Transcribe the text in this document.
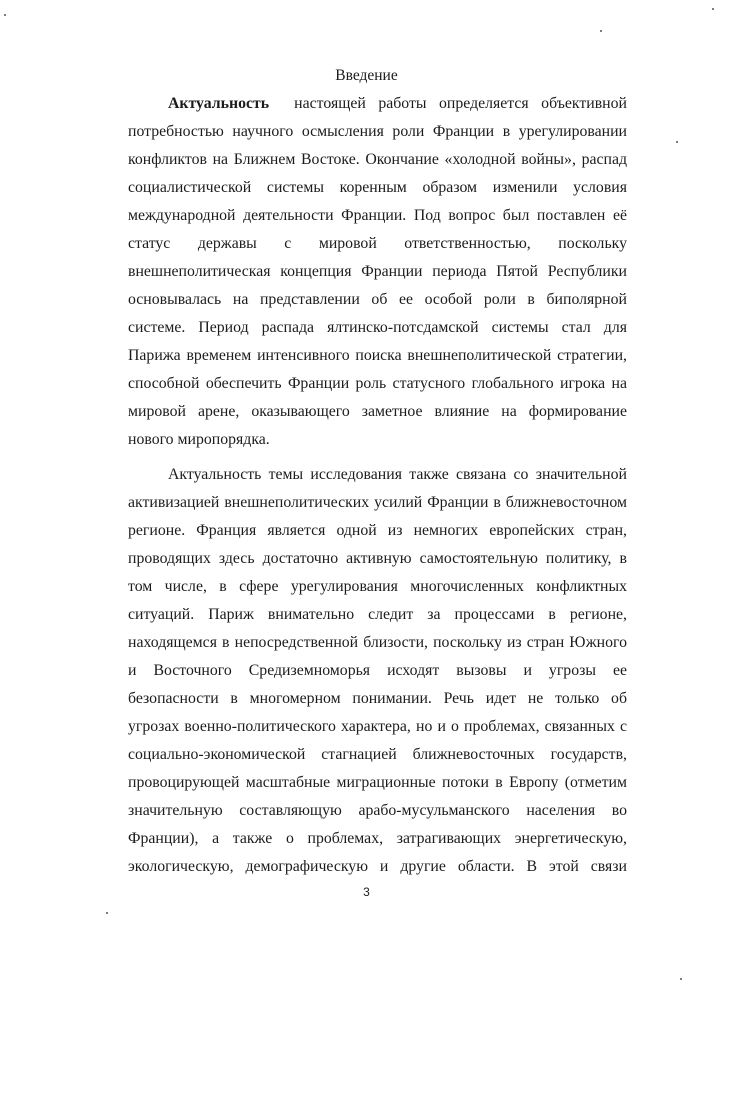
Введение
Актуальность настоящей работы определяется объективной
потребностью научного осмысления роли Франции в урегулировании
конфликтов на Ближнем Востоке. Окончание «холодной войны», распад
социалистической системы коренным образом изменили условия
международной деятельности Франции. Под вопрос был поставлен её
статус державы с мировой ответственностью, поскольку
внешнеполитическая концепция Франции периода Пятой Республики
основывалась на представлении об ее особой роли в биполярной
системе. Период распада ялтинско-потсдамской системы стал для
Парижа временем интенсивного поиска внешнеполитической стратегии,
способной обеспечить Франции роль статусного глобального игрока на
мировой арене, оказывающего заметное влияние на формирование
нового миропорядка.
Актуальность темы исследования также связана со значительной
активизацией внешнеполитических усилий Франции в ближневосточном
регионе. Франция является одной из немногих европейских стран,
проводящих здесь достаточно активную самостоятельную политику, в
том числе, в сфере урегулирования многочисленных конфликтных
ситуаций. Париж внимательно следит за процессами в регионе,
находящемся в непосредственной близости, поскольку из стран Южного
и Восточного Средиземноморья исходят вызовы и угрозы ее
безопасности в многомерном понимании. Речь идет не только об
угрозах военно-политического характера, но и о проблемах, связанных с
социально-экономической стагнацией ближневосточных государств,
провоцирующей масштабные миграционные потоки в Европу (отметим
значительную составляющую арабо-мусульманского населения во
Франции), а также о проблемах, затрагивающих энергетическую,
экологическую, демографическую и другие области. В этой связи
3
